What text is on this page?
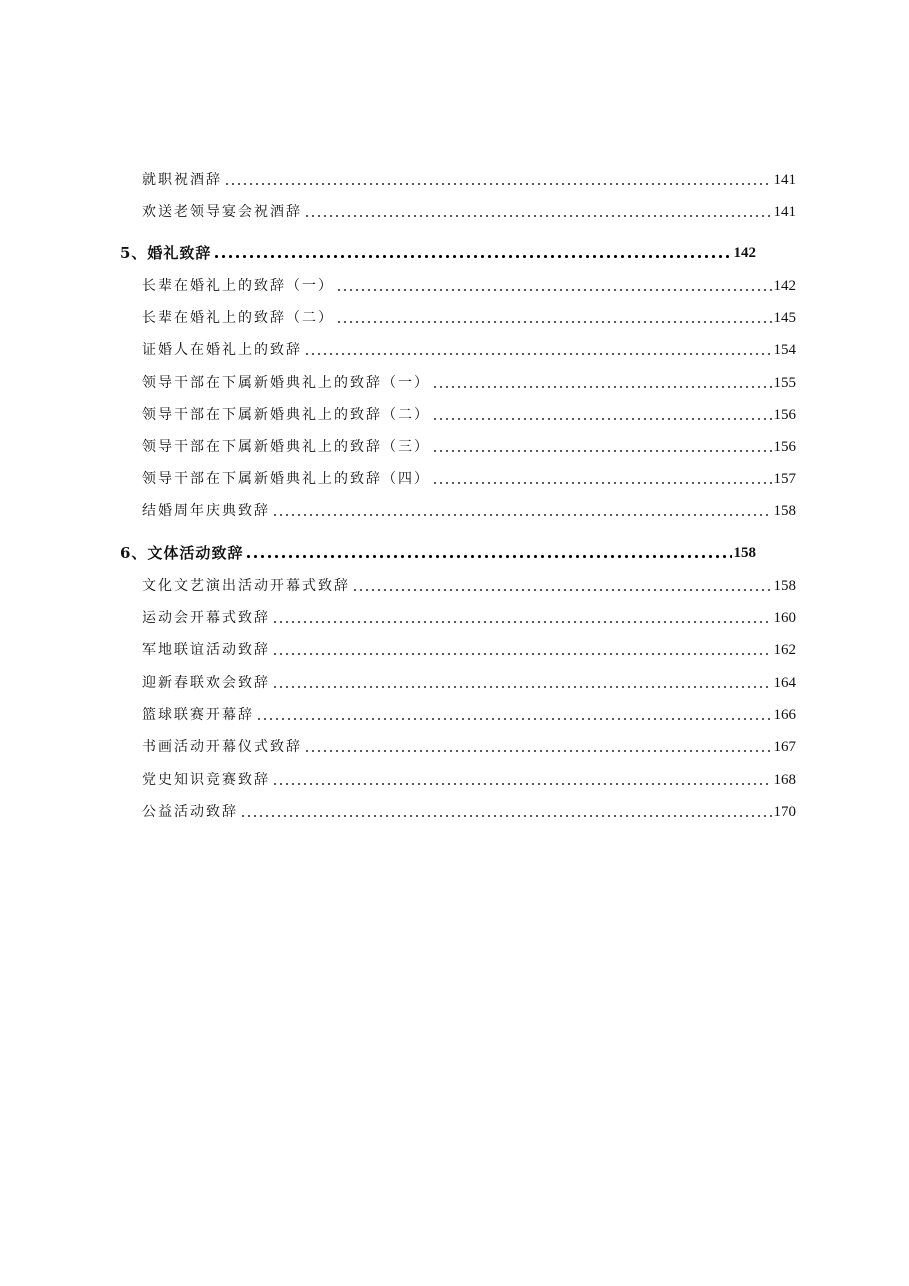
就职祝酒辞	141
欢送老领导宴会祝酒辞	141
5、婚礼致辞	142
长辈在婚礼上的致辞（一）	142
长辈在婚礼上的致辞（二）	145
证婚人在婚礼上的致辞	154
领导干部在下属新婚典礼上的致辞（一）	155
领导干部在下属新婚典礼上的致辞（二）	156
领导干部在下属新婚典礼上的致辞（三）	156
领导干部在下属新婚典礼上的致辞（四）	157
结婚周年庆典致辞	158
6、文体活动致辞	158
文化文艺演出活动开幕式致辞	158
运动会开幕式致辞	160
军地联谊活动致辞	162
迎新春联欢会致辞	164
篮球联赛开幕辞	166
书画活动开幕仪式致辞	167
党史知识竞赛致辞	168
公益活动致辞	170
